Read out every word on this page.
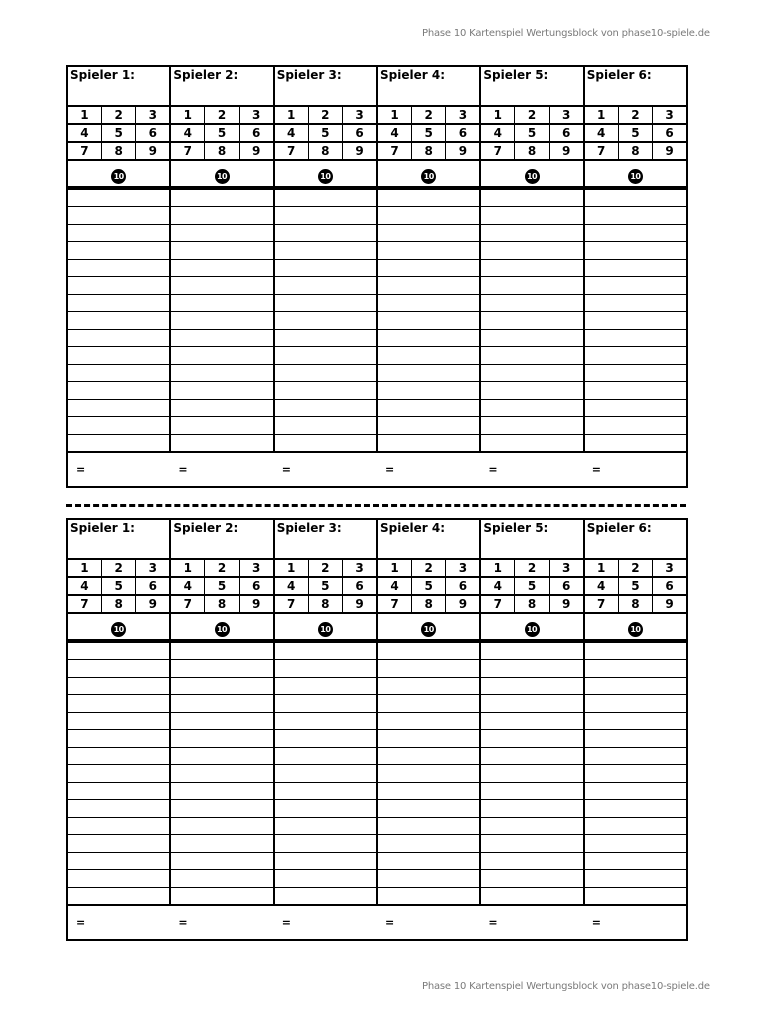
Phase 10 Kartenspiel Wertungsblock von phase10-spiele.de
Spieler 1:			Spieler 2:			Spieler 3:			Spieler 4:			Spieler 5:			Spieler 6:		

1	2	3	1	2	3	1	2	3	1	2	3	1	2	3	1	2	3
4	5	6	4	5	6	4	5	6	4	5	6	4	5	6	4	5	6
7	8	9	7	8	9	7	8	9	7	8	9	7	8	9	7	8	9
10			10			10			10			10			10		

=			=			=			=			=			=		
Spieler 1:			Spieler 2:			Spieler 3:			Spieler 4:			Spieler 5:			Spieler 6:		

1	2	3	1	2	3	1	2	3	1	2	3	1	2	3	1	2	3
4	5	6	4	5	6	4	5	6	4	5	6	4	5	6	4	5	6
7	8	9	7	8	9	7	8	9	7	8	9	7	8	9	7	8	9
10			10			10			10			10			10		

=			=			=			=			=			=		
Phase 10 Kartenspiel Wertungsblock von phase10-spiele.de
